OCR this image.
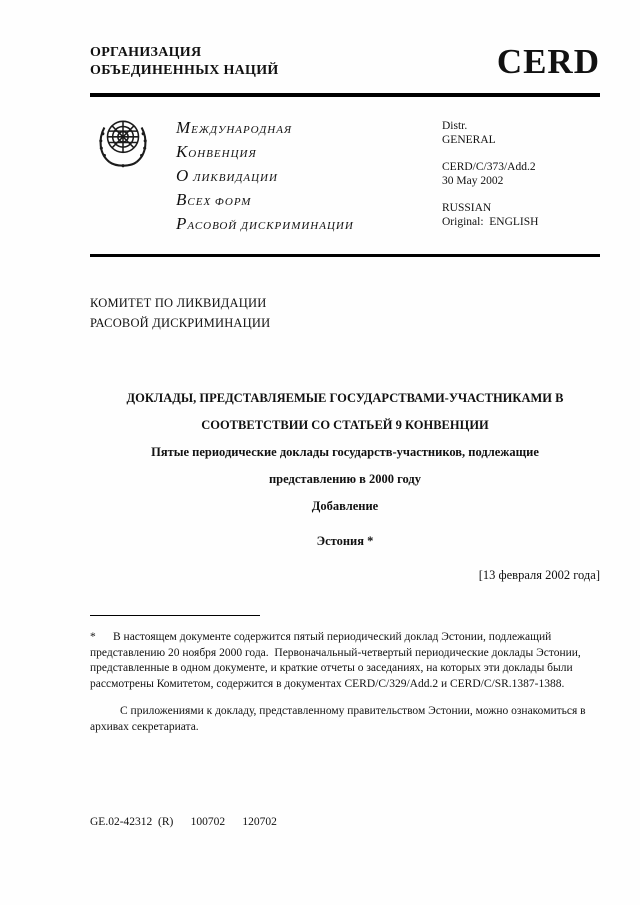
ОРГАНИЗАЦИЯ
ОБЪЕДИНЕННЫХ НАЦИЙ	CERD
МЕЖДУНАРОДНАЯ
КОНВЕНЦИЯ
О ЛИКВИДАЦИИ
ВСЕХ ФОРМ
РАСОВОЙ ДИСКРИМИНАЦИИ
Distr.
GENERAL
CERD/C/373/Add.2
30 May 2002
RUSSIAN
Original:  ENGLISH
КОМИТЕТ ПО ЛИКВИДАЦИИ
РАСОВОЙ ДИСКРИМИНАЦИИ
ДОКЛАДЫ, ПРЕДСТАВЛЯЕМЫЕ ГОСУДАРСТВАМИ-УЧАСТНИКАМИ В
СООТВЕТСТВИИ СО СТАТЬЕЙ 9 КОНВЕНЦИИ
Пятые периодические доклады государств-участников, подлежащие
представлению в 2000 году
Добавление
Эстония *
[13 февраля 2002 года]

*      В настоящем документе содержится пятый периодический доклад Эстонии, подлежащий представлению 20 ноября 2000 года.  Первоначальный-четвертый периодические доклады Эстонии, представленные в одном документе, и краткие отчеты о заседаниях, на которых эти доклады были рассмотрены Комитетом, содержится в документах CERD/C/329/Add.2 и CERD/C/SR.1387-1388.

С приложениями к докладу, представленному правительством Эстонии, можно ознакомиться в архивах секретариата.

GE.02-42312  (R)      100702      120702
